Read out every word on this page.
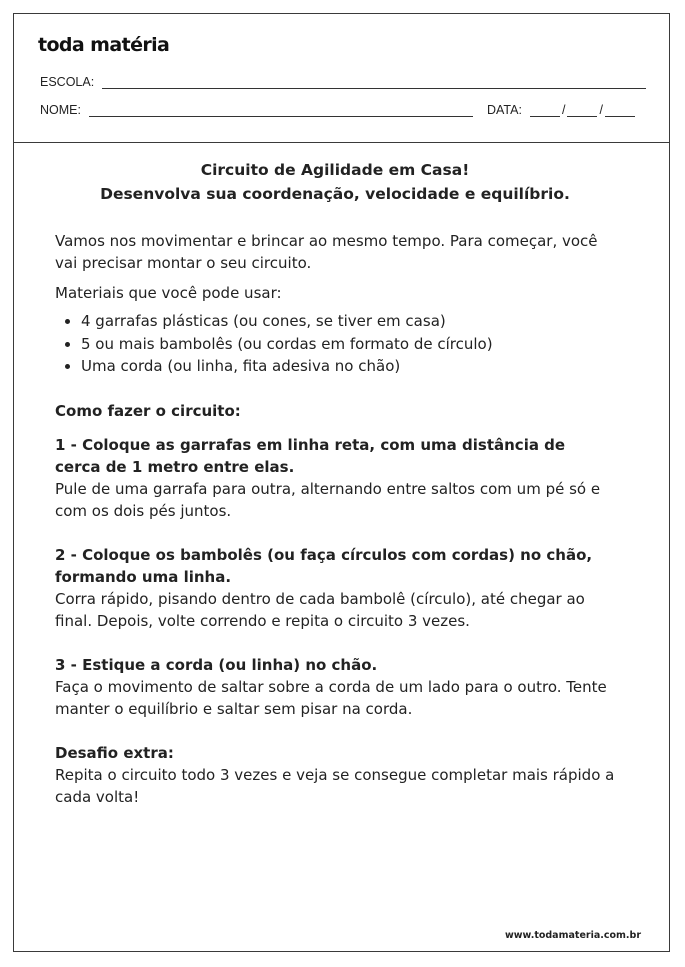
toda matéria
ESCOLA:
NOME:	DATA:	/	/
www.todamateria.com.br
Circuito de Agilidade em Casa!
Desenvolva sua coordenação, velocidade e equilíbrio.

Vamos nos movimentar e brincar ao mesmo tempo. Para começar, você vai precisar montar o seu circuito.

Materiais que você pode usar:

• 4 garrafas plásticas (ou cones, se tiver em casa)
• 5 ou mais bambolês (ou cordas em formato de círculo)
• Uma corda (ou linha, fita adesiva no chão)

Como fazer o circuito:

1 - Coloque as garrafas em linha reta, com uma distância de cerca de 1 metro entre elas.

Pule de uma garrafa para outra, alternando entre saltos com um pé só e com os dois pés juntos.

2 - Coloque os bambolês (ou faça círculos com cordas) no chão, formando uma linha.

Corra rápido, pisando dentro de cada bambolê (círculo), até chegar ao final. Depois, volte correndo e repita o circuito 3 vezes.

3 - Estique a corda (ou linha) no chão.

Faça o movimento de saltar sobre a corda de um lado para o outro. Tente manter o equilíbrio e saltar sem pisar na corda.

Desafio extra:

Repita o circuito todo 3 vezes e veja se consegue completar mais rápido a cada volta!
